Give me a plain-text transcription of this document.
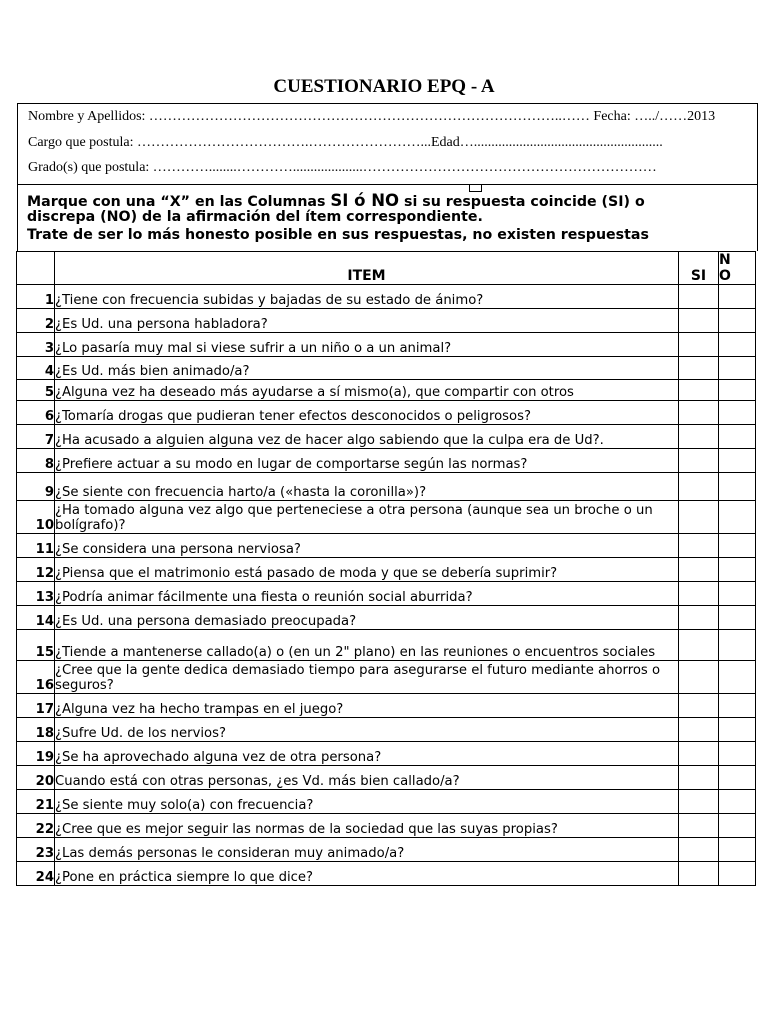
CUESTIONARIO EPQ - A
Nombre y Apellidos: ……………………………………………………………………………..…… Fecha: …../……2013
Cargo que postula: ……………………………….……………………...Edad…......................................................
Grado(s) que postula: …………........…………....................………………………………………………………
Marque con una “X” en las Columnas SI ó NO si su respuesta coincide (SI) o
discrepa (NO) de la afirmación del ítem correspondiente.
Trate de ser lo más honesto posible en sus respuestas, no existen respuestas
	ITEM	SI	N O

1	¿Tiene con frecuencia subidas y bajadas de su estado de ánimo?		
2	¿Es Ud. una persona habladora?		
3	¿Lo pasaría muy mal si viese sufrir a un niño o a un animal?		
4	¿Es Ud. más bien animado/a?		
5	¿Alguna vez ha deseado más ayudarse a sí mismo(a), que compartir con otros		
6	¿Tomaría drogas que pudieran tener efectos desconocidos o peligrosos?		
7	¿Ha acusado a alguien alguna vez de hacer algo sabiendo que la culpa era de Ud?.		
8	¿Prefiere actuar a su modo en lugar de comportarse según las normas?		
9	¿Se siente con frecuencia harto/a («hasta la coronilla»)?		
10	¿Ha tomado alguna vez algo que perteneciese a otra persona (aunque sea un broche o un bolígrafo)?		
11	¿Se considera una persona nerviosa?		
12	¿Piensa que el matrimonio está pasado de moda y que se debería suprimir?		
13	¿Podría animar fácilmente una fiesta o reunión social aburrida?		
14	¿Es Ud. una persona demasiado preocupada?		
15	¿Tiende a mantenerse callado(a) o (en un 2" plano) en las reuniones o encuentros sociales		
16	¿Cree que la gente dedica demasiado tiempo para asegurarse el futuro mediante ahorros o seguros?		
17	¿Alguna vez ha hecho trampas en el juego?		
18	¿Sufre Ud. de los nervios?		
19	¿Se ha aprovechado alguna vez de otra persona?		
20	Cuando está con otras personas, ¿es Vd. más bien callado/a?		
21	¿Se siente muy solo(a) con frecuencia?		
22	¿Cree que es mejor seguir las normas de la sociedad que las suyas propias?		
23	¿Las demás personas le consideran muy animado/a?		
24	¿Pone en práctica siempre lo que dice?		
